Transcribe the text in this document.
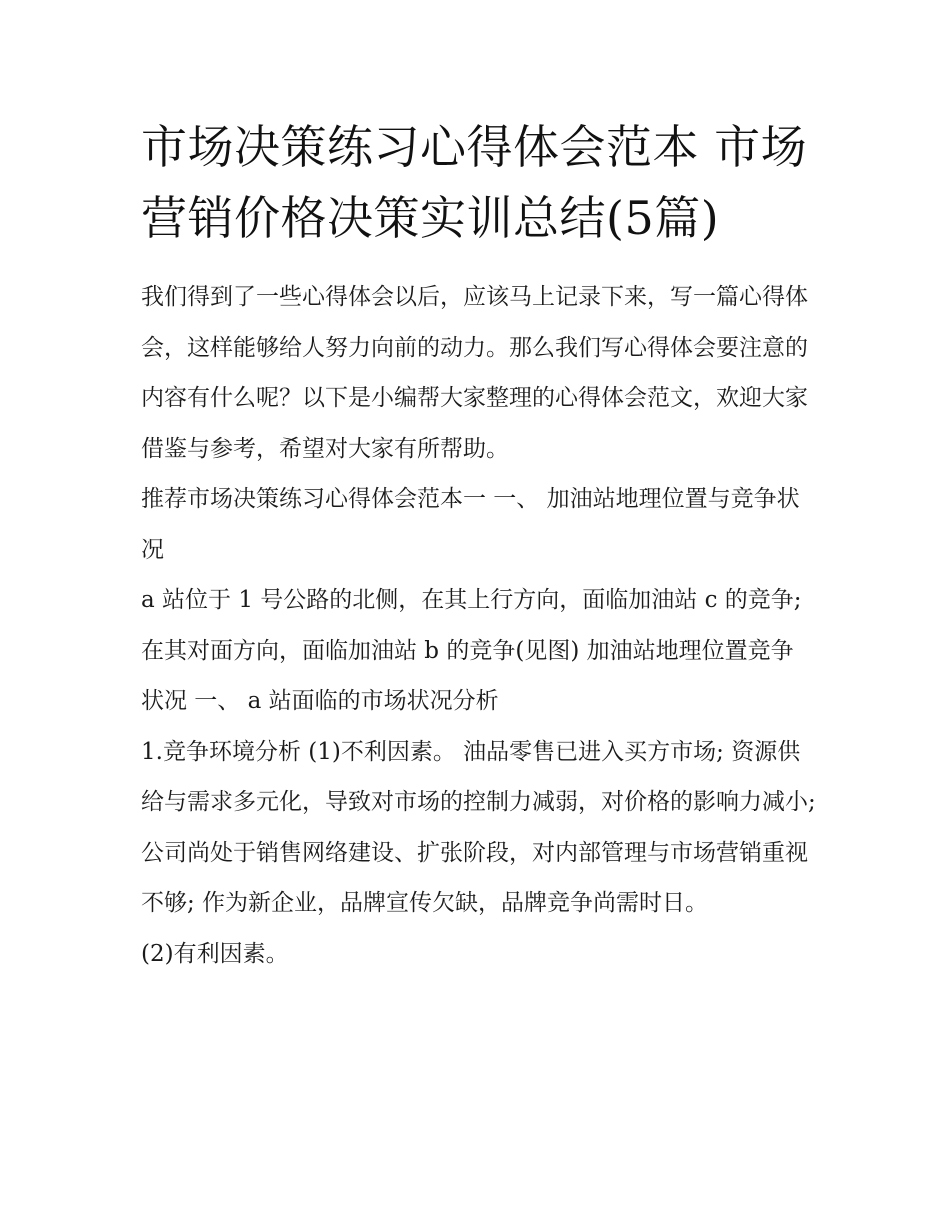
市场决策练习心得体会范本 市场营销价格决策实训总结(5篇)

我们得到了一些心得体会以后，应该马上记录下来，写一篇心得体会，这样能够给人努力向前的动力。那么我们写心得体会要注意的内容有什么呢？以下是小编帮大家整理的心得体会范文，欢迎大家借鉴与参考，希望对大家有所帮助。

推荐市场决策练习心得体会范本一 一、 加油站地理位置与竞争状况

a 站位于 1 号公路的北侧，在其上行方向，面临加油站 c 的竞争;在其对面方向，面临加油站 b 的竞争(见图) 加油站地理位置竞争状况 一、 a 站面临的市场状况分析

1.竞争环境分析 (1)不利因素。 油品零售已进入买方市场; 资源供给与需求多元化，导致对市场的控制力减弱，对价格的影响力减小;

公司尚处于销售网络建设、扩张阶段，对内部管理与市场营销重视不够; 作为新企业，品牌宣传欠缺，品牌竞争尚需时日。

(2)有利因素。
